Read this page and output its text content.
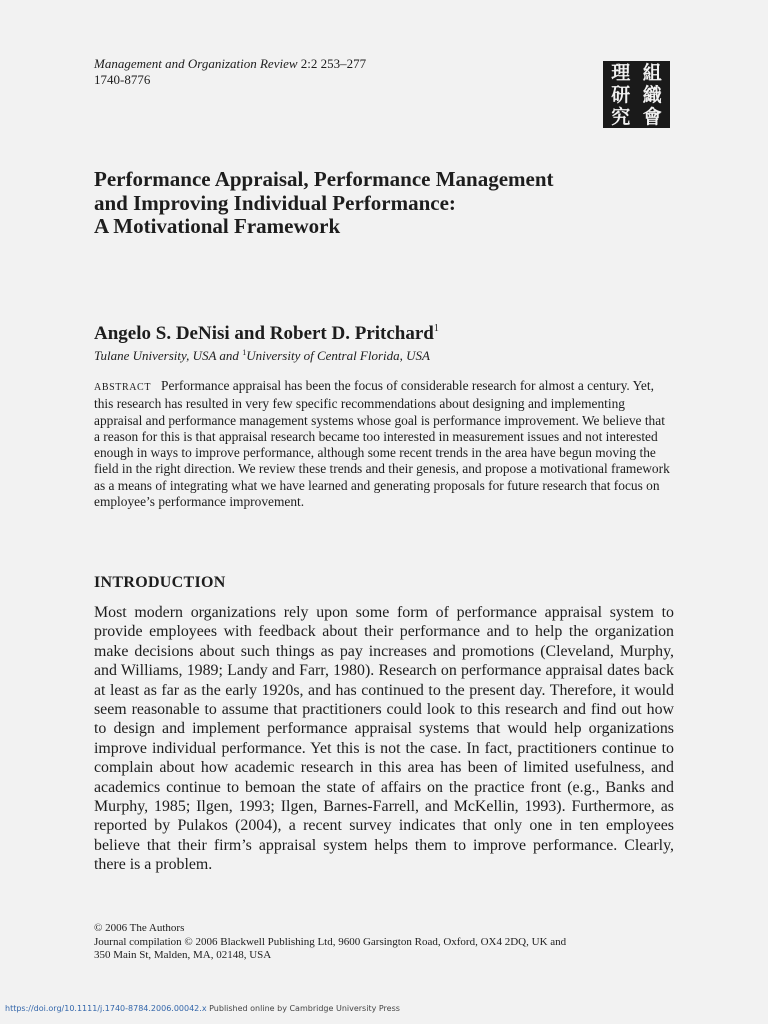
Management and Organization Review 2:2 253–277
1740-8776	理 組
研 織
究 會
Performance Appraisal, Performance Management
and Improving Individual Performance:
A Motivational Framework
Angelo S. DeNisi and Robert D. Pritchard$^1$
Tulane University, USA and $^1$University of Central Florida, USA

ABSTRACT Performance appraisal has been the focus of considerable research for almost a century. Yet, this research has resulted in very few specific recommendations about designing and implementing appraisal and performance management systems whose goal is performance improvement. We believe that a reason for this is that appraisal research became too interested in measurement issues and not interested enough in ways to improve performance, although some recent trends in the area have begun moving the field in the right direction. We review these trends and their genesis, and propose a motivational framework as a means of integrating what we have learned and generating proposals for future research that focus on employee’s performance improvement.

INTRODUCTION

Most modern organizations rely upon some form of performance appraisal system to provide employees with feedback about their performance and to help the organization make decisions about such things as pay increases and promotions (Cleveland, Murphy, and Williams, 1989; Landy and Farr, 1980). Research on performance appraisal dates back at least as far as the early 1920s, and has continued to the present day. Therefore, it would seem reasonable to assume that practitioners could look to this research and find out how to design and implement performance appraisal systems that would help organizations improve individual performance. Yet this is not the case. In fact, practitioners continue to complain about how academic research in this area has been of limited usefulness, and academics continue to bemoan the state of affairs on the practice front (e.g., Banks and Murphy, 1985; Ilgen, 1993; Ilgen, Barnes-Farrell, and McKellin, 1993). Furthermore, as reported by Pulakos (2004), a recent survey indicates that only one in ten employees believe that their firm’s appraisal system helps them to improve performance. Clearly, there is a problem.

© 2006 The Authors
Journal compilation © 2006 Blackwell Publishing Ltd, 9600 Garsington Road, Oxford, OX4 2DQ, UK and
350 Main St, Malden, MA, 02148, USA
https://doi.org/10.1111/j.1740-8784.2006.00042.x Published online by Cambridge University Press
